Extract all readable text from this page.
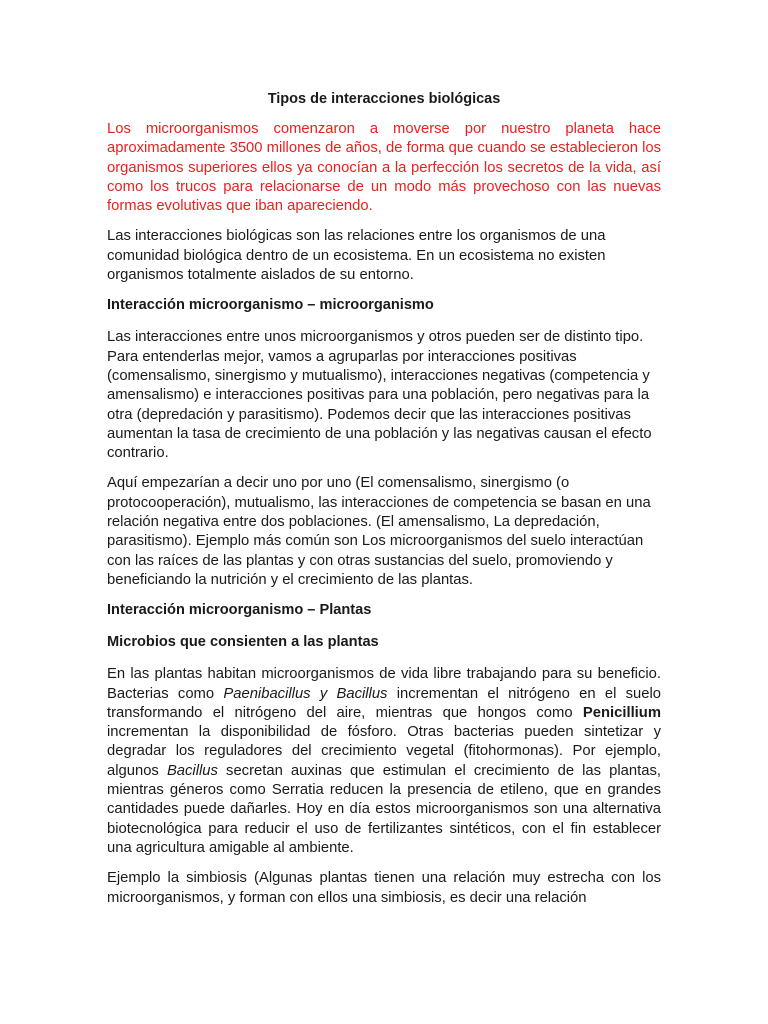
Tipos de interacciones biológicas

Los microorganismos comenzaron a moverse por nuestro planeta hace aproximadamente 3500 millones de años, de forma que cuando se establecieron los organismos superiores ellos ya conocían a la perfección los secretos de la vida, así como los trucos para relacionarse de un modo más provechoso con las nuevas formas evolutivas que iban apareciendo.

Las interacciones biológicas son las relaciones entre los organismos de una comunidad biológica dentro de un ecosistema. En un ecosistema no existen organismos totalmente aislados de su entorno.

Interacción microorganismo – microorganismo

Las interacciones entre unos microorganismos y otros pueden ser de distinto tipo. Para entenderlas mejor, vamos a agruparlas por interacciones positivas (comensalismo, sinergismo y mutualismo), interacciones negativas (competencia y amensalismo) e interacciones positivas para una población, pero negativas para la otra (depredación y parasitismo). Podemos decir que las interacciones positivas aumentan la tasa de crecimiento de una población y las negativas causan el efecto contrario.

Aquí empezarían a decir uno por uno (El comensalismo, sinergismo (o protocooperación), mutualismo, las interacciones de competencia se basan en una relación negativa entre dos poblaciones. (El amensalismo, La depredación, parasitismo). Ejemplo más común son Los microorganismos del suelo interactúan con las raíces de las plantas y con otras sustancias del suelo, promoviendo y beneficiando la nutrición y el crecimiento de las plantas.

Interacción microorganismo – Plantas
Microbios que consienten a las plantas

En las plantas habitan microorganismos de vida libre trabajando para su beneficio. Bacterias como Paenibacillus y Bacillus incrementan el nitrógeno en el suelo transformando el nitrógeno del aire, mientras que hongos como Penicillium incrementan la disponibilidad de fósforo. Otras bacterias pueden sintetizar y degradar los reguladores del crecimiento vegetal (fitohormonas). Por ejemplo, algunos Bacillus secretan auxinas que estimulan el crecimiento de las plantas, mientras géneros como Serratia reducen la presencia de etileno, que en grandes cantidades puede dañarles. Hoy en día estos microorganismos son una alternativa biotecnológica para reducir el uso de fertilizantes sintéticos, con el fin establecer una agricultura amigable al ambiente.

Ejemplo la simbiosis (Algunas plantas tienen una relación muy estrecha con los microorganismos, y forman con ellos una simbiosis, es decir una relación
